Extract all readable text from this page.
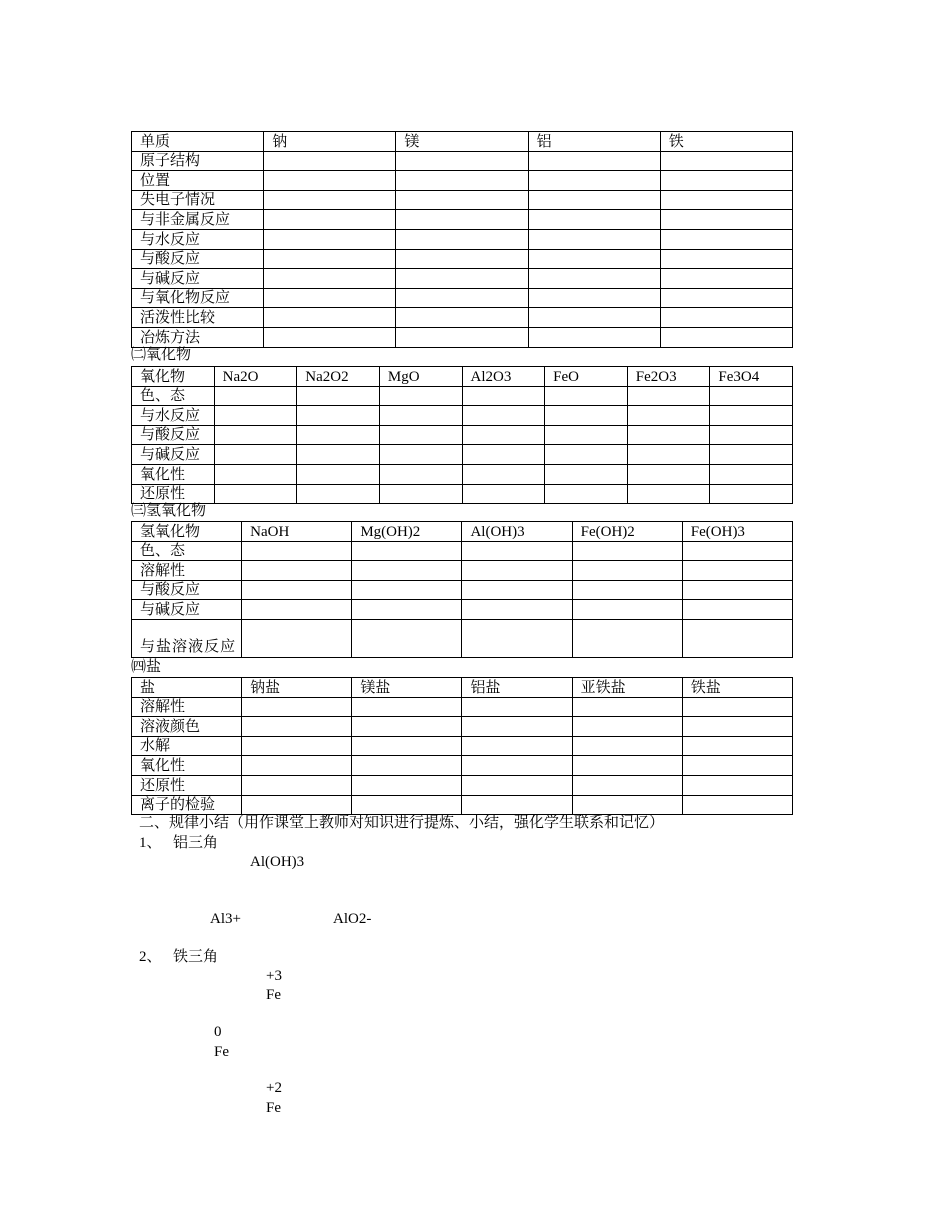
单质	钠	镁	铝	铁
原子结构				
位置				
失电子情况				
与非金属反应				
与水反应				
与酸反应				
与碱反应				
与氧化物反应				
活泼性比较				
冶炼方法				
㈡氧化物
氧化物	Na2O	Na2O2	MgO	Al2O3	FeO	Fe2O3	Fe3O4
色、态							
与水反应							
与酸反应							
与碱反应							
氧化性							
还原性							
㈢氢氧化物
氢氧化物	NaOH	Mg(OH)2	Al(OH)3	Fe(OH)2	Fe(OH)3
色、态					
溶解性					
与酸反应					
与碱反应					
与盐溶液反应					
㈣盐
盐	钠盐	镁盐	铝盐	亚铁盐	铁盐
溶解性					
溶液颜色					
水解					
氧化性					
还原性					
离子的检验					
二、规律小结（用作课堂上教师对知识进行提炼、小结，强化学生联系和记忆）
1、 铝三角
Al(OH)3
Al3+	AlO2-
2、 铁三角
+3
Fe
0
Fe
+2
Fe
